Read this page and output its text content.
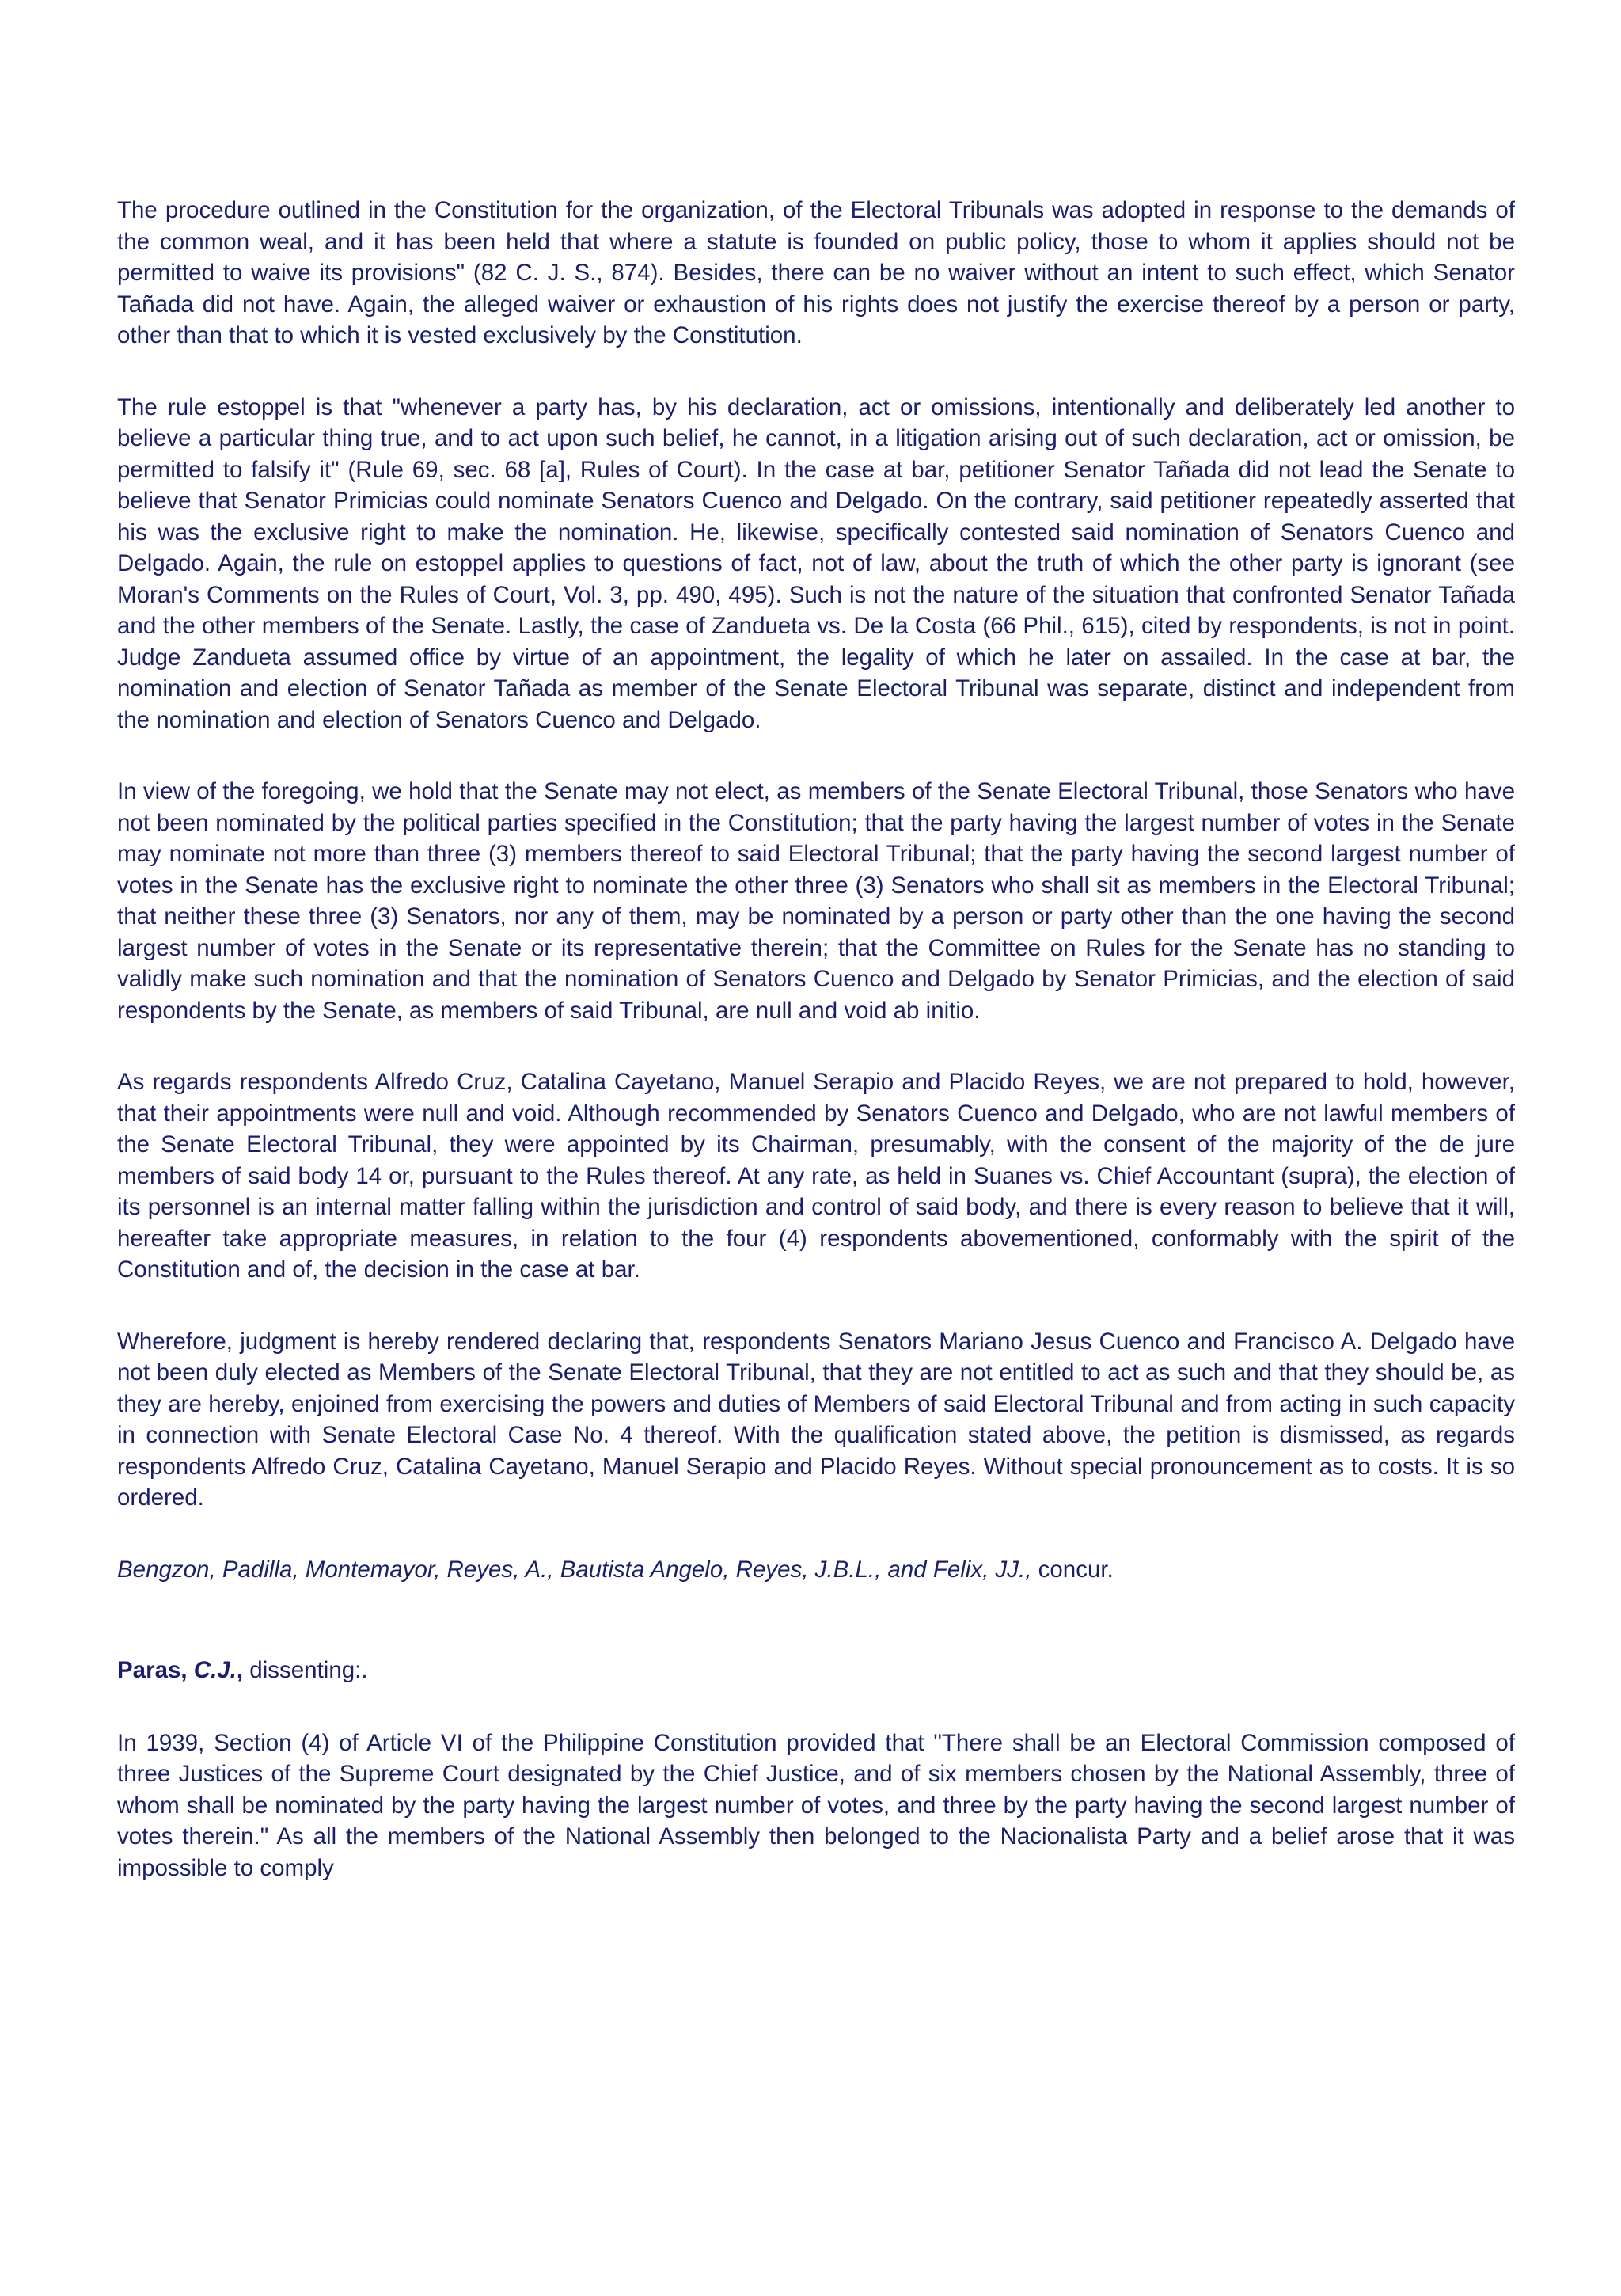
The procedure outlined in the Constitution for the organization, of the Electoral Tribunals was adopted in response to the demands of the common weal, and it has been held that where a statute is founded on public policy, those to whom it applies should not be permitted to waive its provisions" (82 C. J. S., 874). Besides, there can be no waiver without an intent to such effect, which Senator Tañada did not have. Again, the alleged waiver or exhaustion of his rights does not justify the exercise thereof by a person or party, other than that to which it is vested exclusively by the Constitution.

The rule estoppel is that "whenever a party has, by his declaration, act or omissions, intentionally and deliberately led another to believe a particular thing true, and to act upon such belief, he cannot, in a litigation arising out of such declaration, act or omission, be permitted to falsify it" (Rule 69, sec. 68 [a], Rules of Court). In the case at bar, petitioner Senator Tañada did not lead the Senate to believe that Senator Primicias could nominate Senators Cuenco and Delgado. On the contrary, said petitioner repeatedly asserted that his was the exclusive right to make the nomination. He, likewise, specifically contested said nomination of Senators Cuenco and Delgado. Again, the rule on estoppel applies to questions of fact, not of law, about the truth of which the other party is ignorant (see Moran's Comments on the Rules of Court, Vol. 3, pp. 490, 495). Such is not the nature of the situation that confronted Senator Tañada and the other members of the Senate. Lastly, the case of Zandueta vs. De la Costa (66 Phil., 615), cited by respondents, is not in point. Judge Zandueta assumed office by virtue of an appointment, the legality of which he later on assailed. In the case at bar, the nomination and election of Senator Tañada as member of the Senate Electoral Tribunal was separate, distinct and independent from the nomination and election of Senators Cuenco and Delgado.

In view of the foregoing, we hold that the Senate may not elect, as members of the Senate Electoral Tribunal, those Senators who have not been nominated by the political parties specified in the Constitution; that the party having the largest number of votes in the Senate may nominate not more than three (3) members thereof to said Electoral Tribunal; that the party having the second largest number of votes in the Senate has the exclusive right to nominate the other three (3) Senators who shall sit as members in the Electoral Tribunal; that neither these three (3) Senators, nor any of them, may be nominated by a person or party other than the one having the second largest number of votes in the Senate or its representative therein; that the Committee on Rules for the Senate has no standing to validly make such nomination and that the nomination of Senators Cuenco and Delgado by Senator Primicias, and the election of said respondents by the Senate, as members of said Tribunal, are null and void ab initio.

As regards respondents Alfredo Cruz, Catalina Cayetano, Manuel Serapio and Placido Reyes, we are not prepared to hold, however, that their appointments were null and void. Although recommended by Senators Cuenco and Delgado, who are not lawful members of the Senate Electoral Tribunal, they were appointed by its Chairman, presumably, with the consent of the majority of the de jure members of said body 14 or, pursuant to the Rules thereof. At any rate, as held in Suanes vs. Chief Accountant (supra), the election of its personnel is an internal matter falling within the jurisdiction and control of said body, and there is every reason to believe that it will, hereafter take appropriate measures, in relation to the four (4) respondents abovementioned, conformably with the spirit of the Constitution and of, the decision in the case at bar.

Wherefore, judgment is hereby rendered declaring that, respondents Senators Mariano Jesus Cuenco and Francisco A. Delgado have not been duly elected as Members of the Senate Electoral Tribunal, that they are not entitled to act as such and that they should be, as they are hereby, enjoined from exercising the powers and duties of Members of said Electoral Tribunal and from acting in such capacity in connection with Senate Electoral Case No. 4 thereof. With the qualification stated above, the petition is dismissed, as regards respondents Alfredo Cruz, Catalina Cayetano, Manuel Serapio and Placido Reyes. Without special pronouncement as to costs. It is so ordered.

Bengzon, Padilla, Montemayor, Reyes, A., Bautista Angelo, Reyes, J.B.L., and Felix, JJ., concur.

Paras, C.J., dissenting:.

In 1939, Section (4) of Article VI of the Philippine Constitution provided that "There shall be an Electoral Commission composed of three Justices of the Supreme Court designated by the Chief Justice, and of six members chosen by the National Assembly, three of whom shall be nominated by the party having the largest number of votes, and three by the party having the second largest number of votes therein." As all the members of the National Assembly then belonged to the Nacionalista Party and a belief arose that it was impossible to comply
